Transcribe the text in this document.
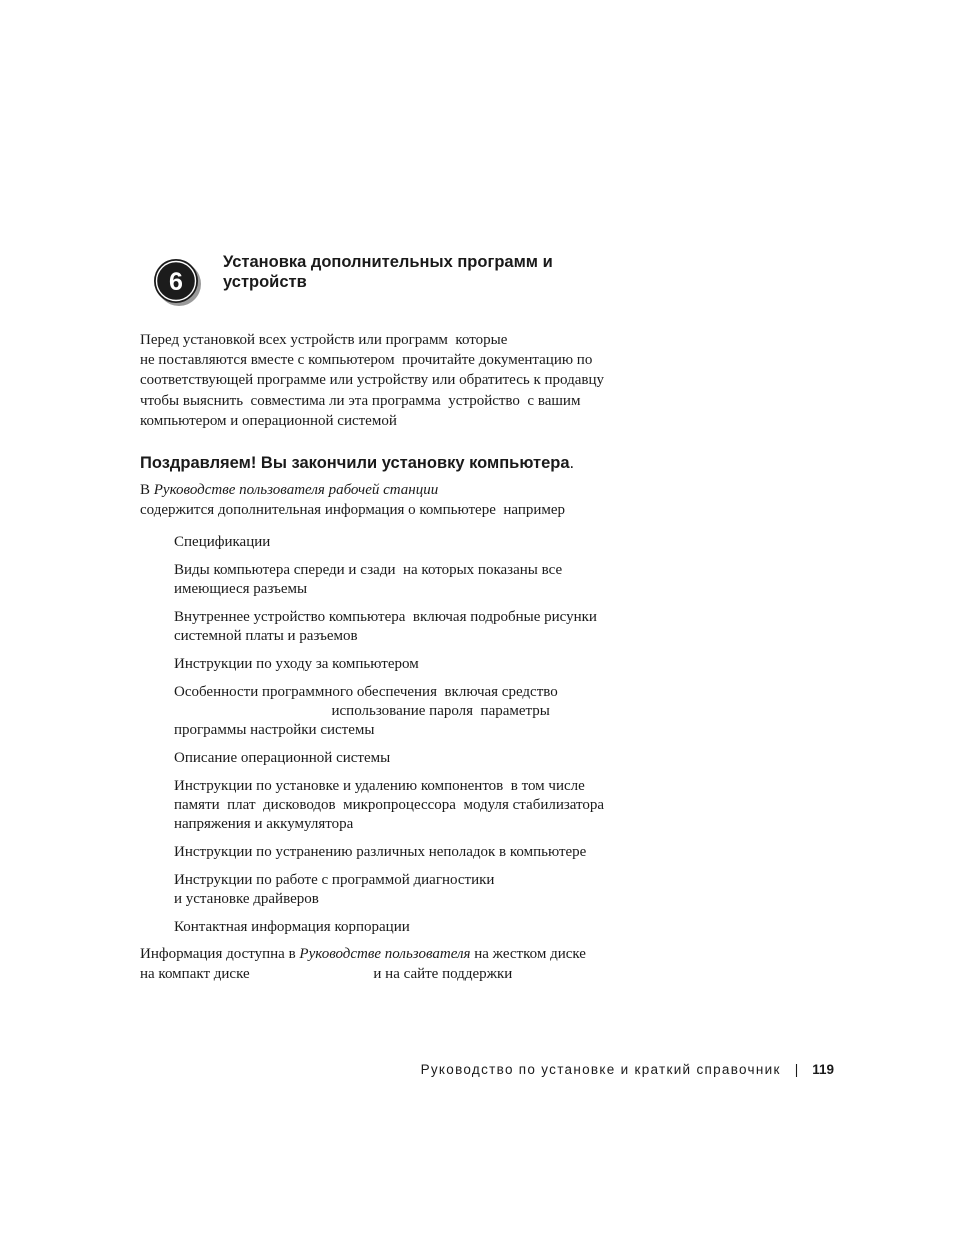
6
Установка дополнительных программ и
устройств
Перед установкой всех устройств или программ  которые
не поставляются вместе с компьютером  прочитайте документацию по
соответствующей программе или устройству или обратитесь к продавцу
чтобы выяснить  совместима ли эта программа  устройство  с вашим
компьютером и операционной системой
Поздравляем! Вы закончили установку компьютера.
В Руководстве пользователя рабочей станции
содержится дополнительная информация о компьютере  например
Спецификации
Виды компьютера спереди и сзади  на которых показаны все
имеющиеся разъемы
Внутреннее устройство компьютера  включая подробные рисунки
системной платы и разъемов
Инструкции по уходу за компьютером
Особенности программного обеспечения  включая средство
использование пароля  параметры
программы настройки системы
Описание операционной системы
Инструкции по установке и удалению компонентов  в том числе
памяти  плат  дисководов  микропроцессора  модуля стабилизатора
напряжения и аккумулятора
Инструкции по устранению различных неполадок в компьютере
Инструкции по работе с программой диагностики
и установке драйверов
Контактная информация корпорации
Информация доступна в Руководстве пользователя на жестком диске
на компакт диске                                 и на сайте поддержки
Руководство по установке и краткий справочник | 119
